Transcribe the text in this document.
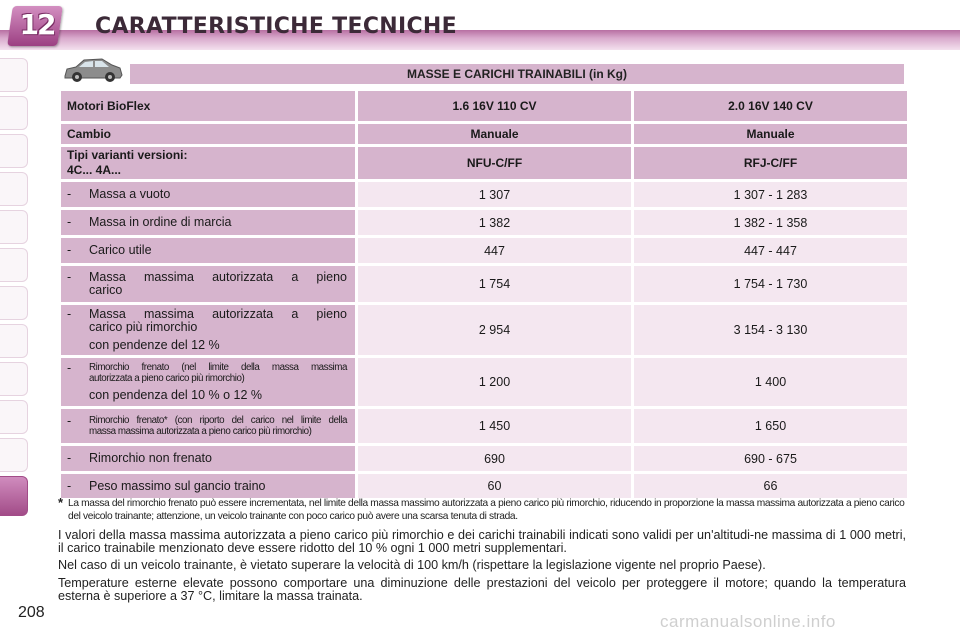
12 CARATTERISTICHE TECNICHE
MASSE E CARICHI TRAINABILI (in Kg)
Motori BioFlex	1.6 16V 110 CV	2.0 16V 140 CV
Cambio	Manuale	Manuale

Tipi varianti versioni:
4C... 4A...	NFU-C/FF	RFJ-C/FF
- Massa a vuoto	1 307	1 307 - 1 283
- Massa in ordine di marcia	1 382	1 382 - 1 358
- Carico utile	447	447 - 447
- Massa massima autorizzata a pieno
carico	1 754	1 754 - 1 730
- Massa massima autorizzata a pieno
carico più rimorchio
con pendenze del 12 %	2 954	3 154 - 3 130
- Rimorchio frenato (nel limite della massa massima
autorizzata a pieno carico più rimorchio)
con pendenza del 10 % o 12 %	1 200	1 400
- Rimorchio frenato* (con riporto del carico nel limite della
massa massima autorizzata a pieno carico più rimorchio)	1 450	1 650
- Rimorchio non frenato	690	690 - 675
- Peso massimo sul gancio traino	60	66
* La massa del rimorchio frenato può essere incrementata, nel limite della massa massimo autorizzata a pieno carico più rimorchio, riducendo in proporzione la massa massima autorizzata a pieno carico del veicolo trainante; attenzione, un veicolo trainante con poco carico può avere una scarsa tenuta di strada.

I valori della massa massima autorizzata a pieno carico più rimorchio e dei carichi trainabili indicati sono validi per un'altitudi-ne massima di 1 000 metri, il carico trainabile menzionato deve essere ridotto del 10 % ogni 1 000 metri supplementari.

Nel caso di un veicolo trainante, è vietato superare la velocità di 100 km/h (rispettare la legislazione vigente nel proprio Paese).

Temperature esterne elevate possono comportare una diminuzione delle prestazioni del veicolo per proteggere il motore; quando la temperatura esterna è superiore a 37 °C, limitare la massa trainata.

208	carmanualsonline.info
